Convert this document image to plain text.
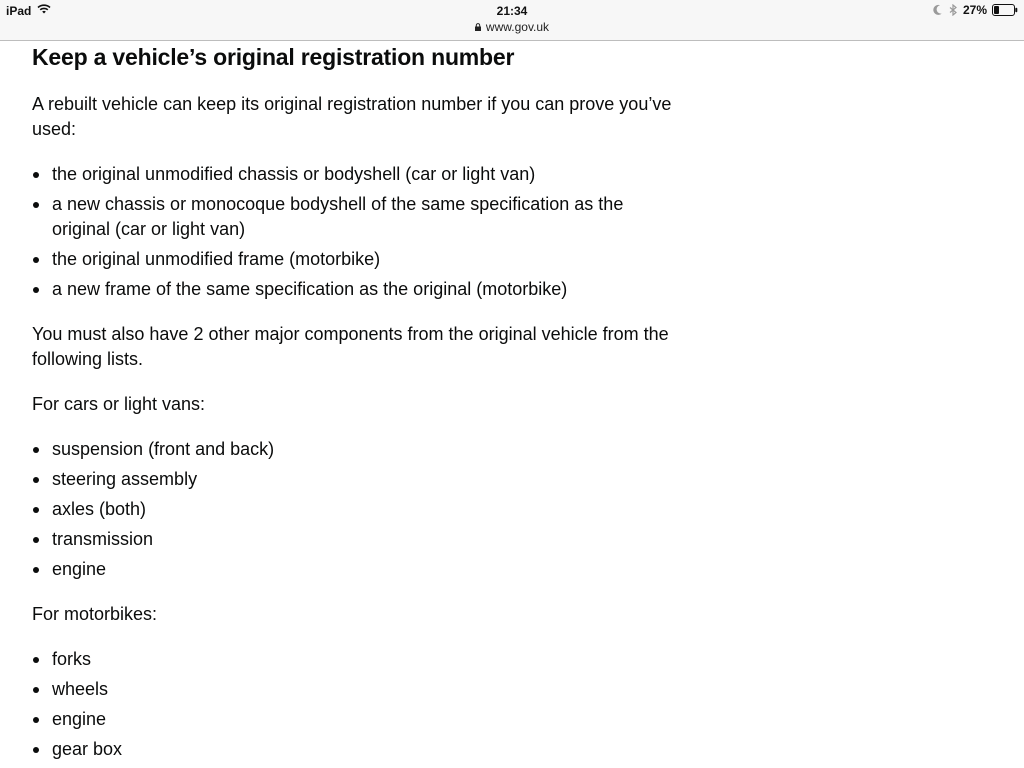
iPad	21:34
www.gov.uk
27%
Keep a vehicle’s original registration number

A rebuilt vehicle can keep its original registration number if you can prove you’ve used:

the original unmodified chassis or bodyshell (car or light van)
a new chassis or monocoque bodyshell of the same specification as the original (car or light van)
the original unmodified frame (motorbike)
a new frame of the same specification as the original (motorbike)

You must also have 2 other major components from the original vehicle from the following lists.

For cars or light vans:

suspension (front and back)
steering assembly
axles (both)
transmission
engine

For motorbikes:

forks
wheels
engine
gear box
